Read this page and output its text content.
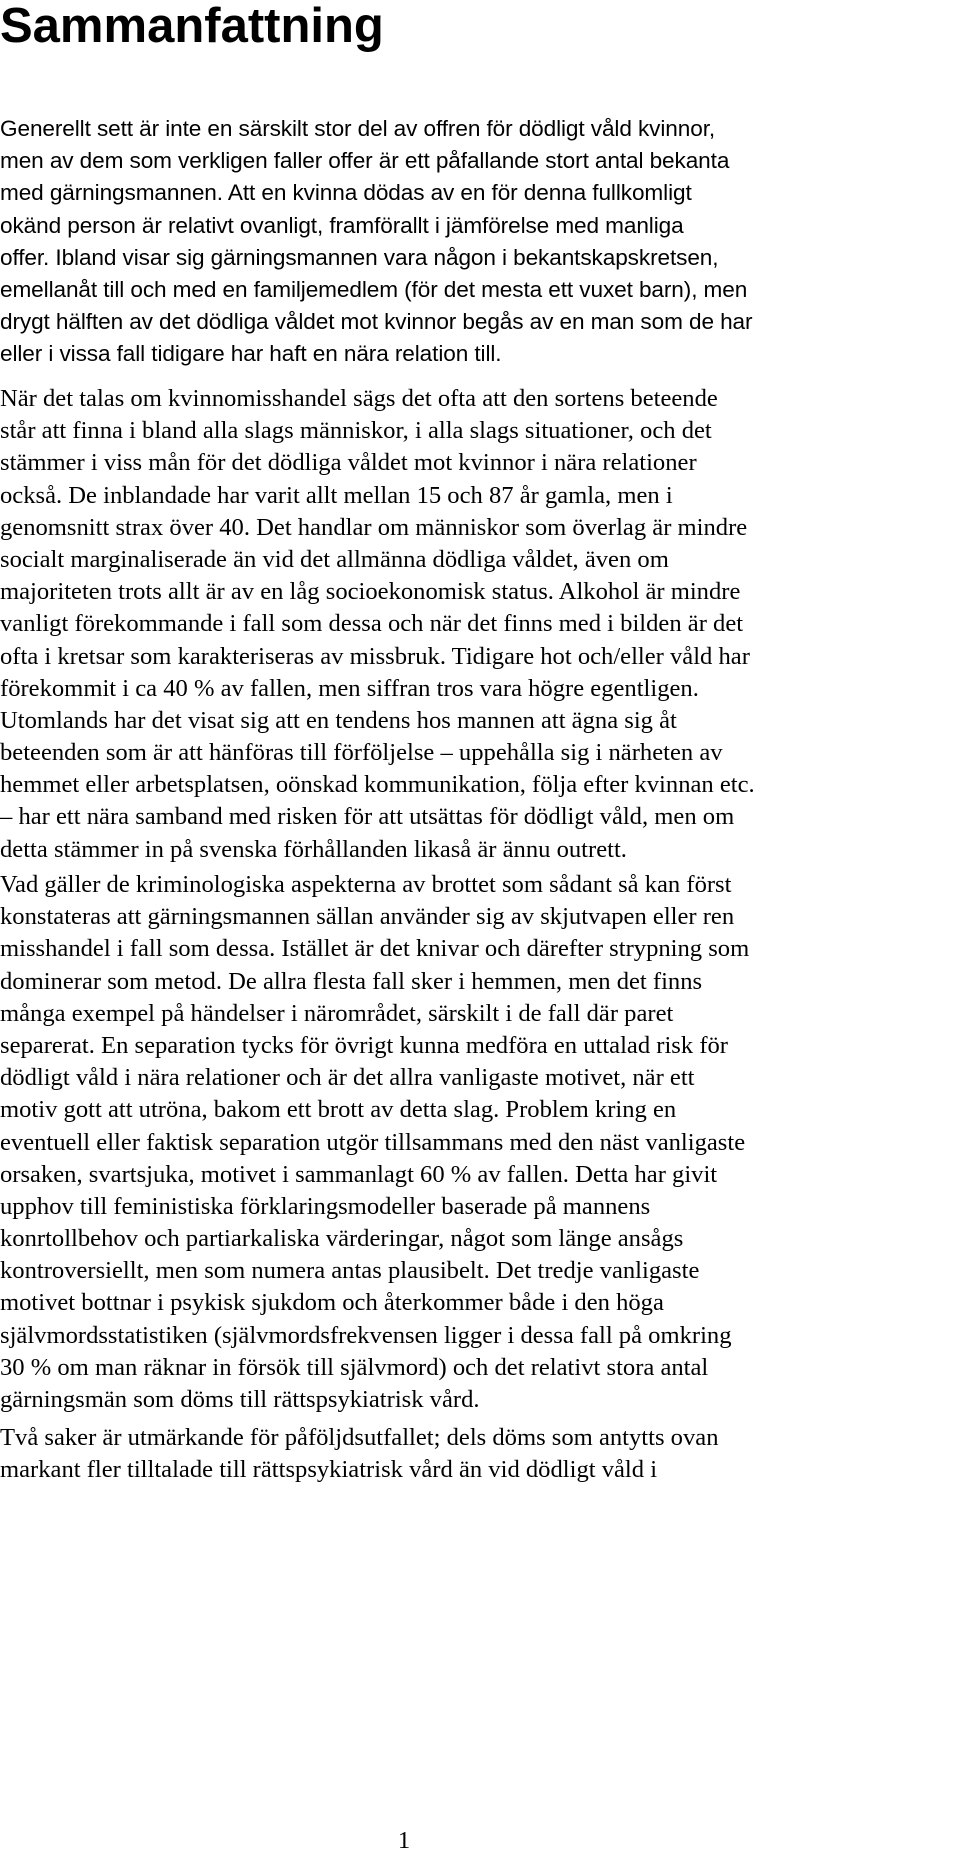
Sammanfattning
Generellt sett är inte en särskilt stor del av offren för dödligt våld kvinnor,
men av dem som verkligen faller offer är ett påfallande stort antal bekanta
med gärningsmannen. Att en kvinna dödas av en för denna fullkomligt
okänd person är relativt ovanligt, framförallt i jämförelse med manliga
offer. Ibland visar sig gärningsmannen vara någon i bekantskapskretsen,
emellanåt till och med en familjemedlem (för det mesta ett vuxet barn), men
drygt hälften av det dödliga våldet mot kvinnor begås av en man som de har
eller i vissa fall tidigare har haft en nära relation till.
När det talas om kvinnomisshandel sägs det ofta att den sortens beteende
står att finna i bland alla slags människor, i alla slags situationer, och det
stämmer i viss mån för det dödliga våldet mot kvinnor i nära relationer
också. De inblandade har varit allt mellan 15 och 87 år gamla, men i
genomsnitt strax över 40. Det handlar om människor som överlag är mindre
socialt marginaliserade än vid det allmänna dödliga våldet, även om
majoriteten trots allt är av en låg socioekonomisk status. Alkohol är mindre
vanligt förekommande i fall som dessa och när det finns med i bilden är det
ofta i kretsar som karakteriseras av missbruk. Tidigare hot och/eller våld har
förekommit i ca 40 % av fallen, men siffran tros vara högre egentligen.
Utomlands har det visat sig att en tendens hos mannen att ägna sig åt
beteenden som är att hänföras till förföljelse – uppehålla sig i närheten av
hemmet eller arbetsplatsen, oönskad kommunikation, följa efter kvinnan etc.
– har ett nära samband med risken för att utsättas för dödligt våld, men om
detta stämmer in på svenska förhållanden likaså är ännu outrett.
Vad gäller de kriminologiska aspekterna av brottet som sådant så kan först
konstateras att gärningsmannen sällan använder sig av skjutvapen eller ren
misshandel i fall som dessa. Istället är det knivar och därefter strypning som
dominerar som metod. De allra flesta fall sker i hemmen, men det finns
många exempel på händelser i närområdet, särskilt i de fall där paret
separerat. En separation tycks för övrigt kunna medföra en uttalad risk för
dödligt våld i nära relationer och är det allra vanligaste motivet, när ett
motiv gott att utröna, bakom ett brott av detta slag. Problem kring en
eventuell eller faktisk separation utgör tillsammans med den näst vanligaste
orsaken, svartsjuka, motivet i sammanlagt 60 % av fallen. Detta har givit
upphov till feministiska förklaringsmodeller baserade på mannens
konrtollbehov och partiarkaliska värderingar, något som länge ansågs
kontroversiellt, men som numera antas plausibelt. Det tredje vanligaste
motivet bottnar i psykisk sjukdom och återkommer både i den höga
självmordsstatistiken (självmordsfrekvensen ligger i dessa fall på omkring
30 % om man räknar in försök till självmord) och det relativt stora antal
gärningsmän som döms till rättspsykiatrisk vård.
Två saker är utmärkande för påföljdsutfallet; dels döms som antytts ovan
markant fler tilltalade till rättspsykiatrisk vård än vid dödligt våld i
1
